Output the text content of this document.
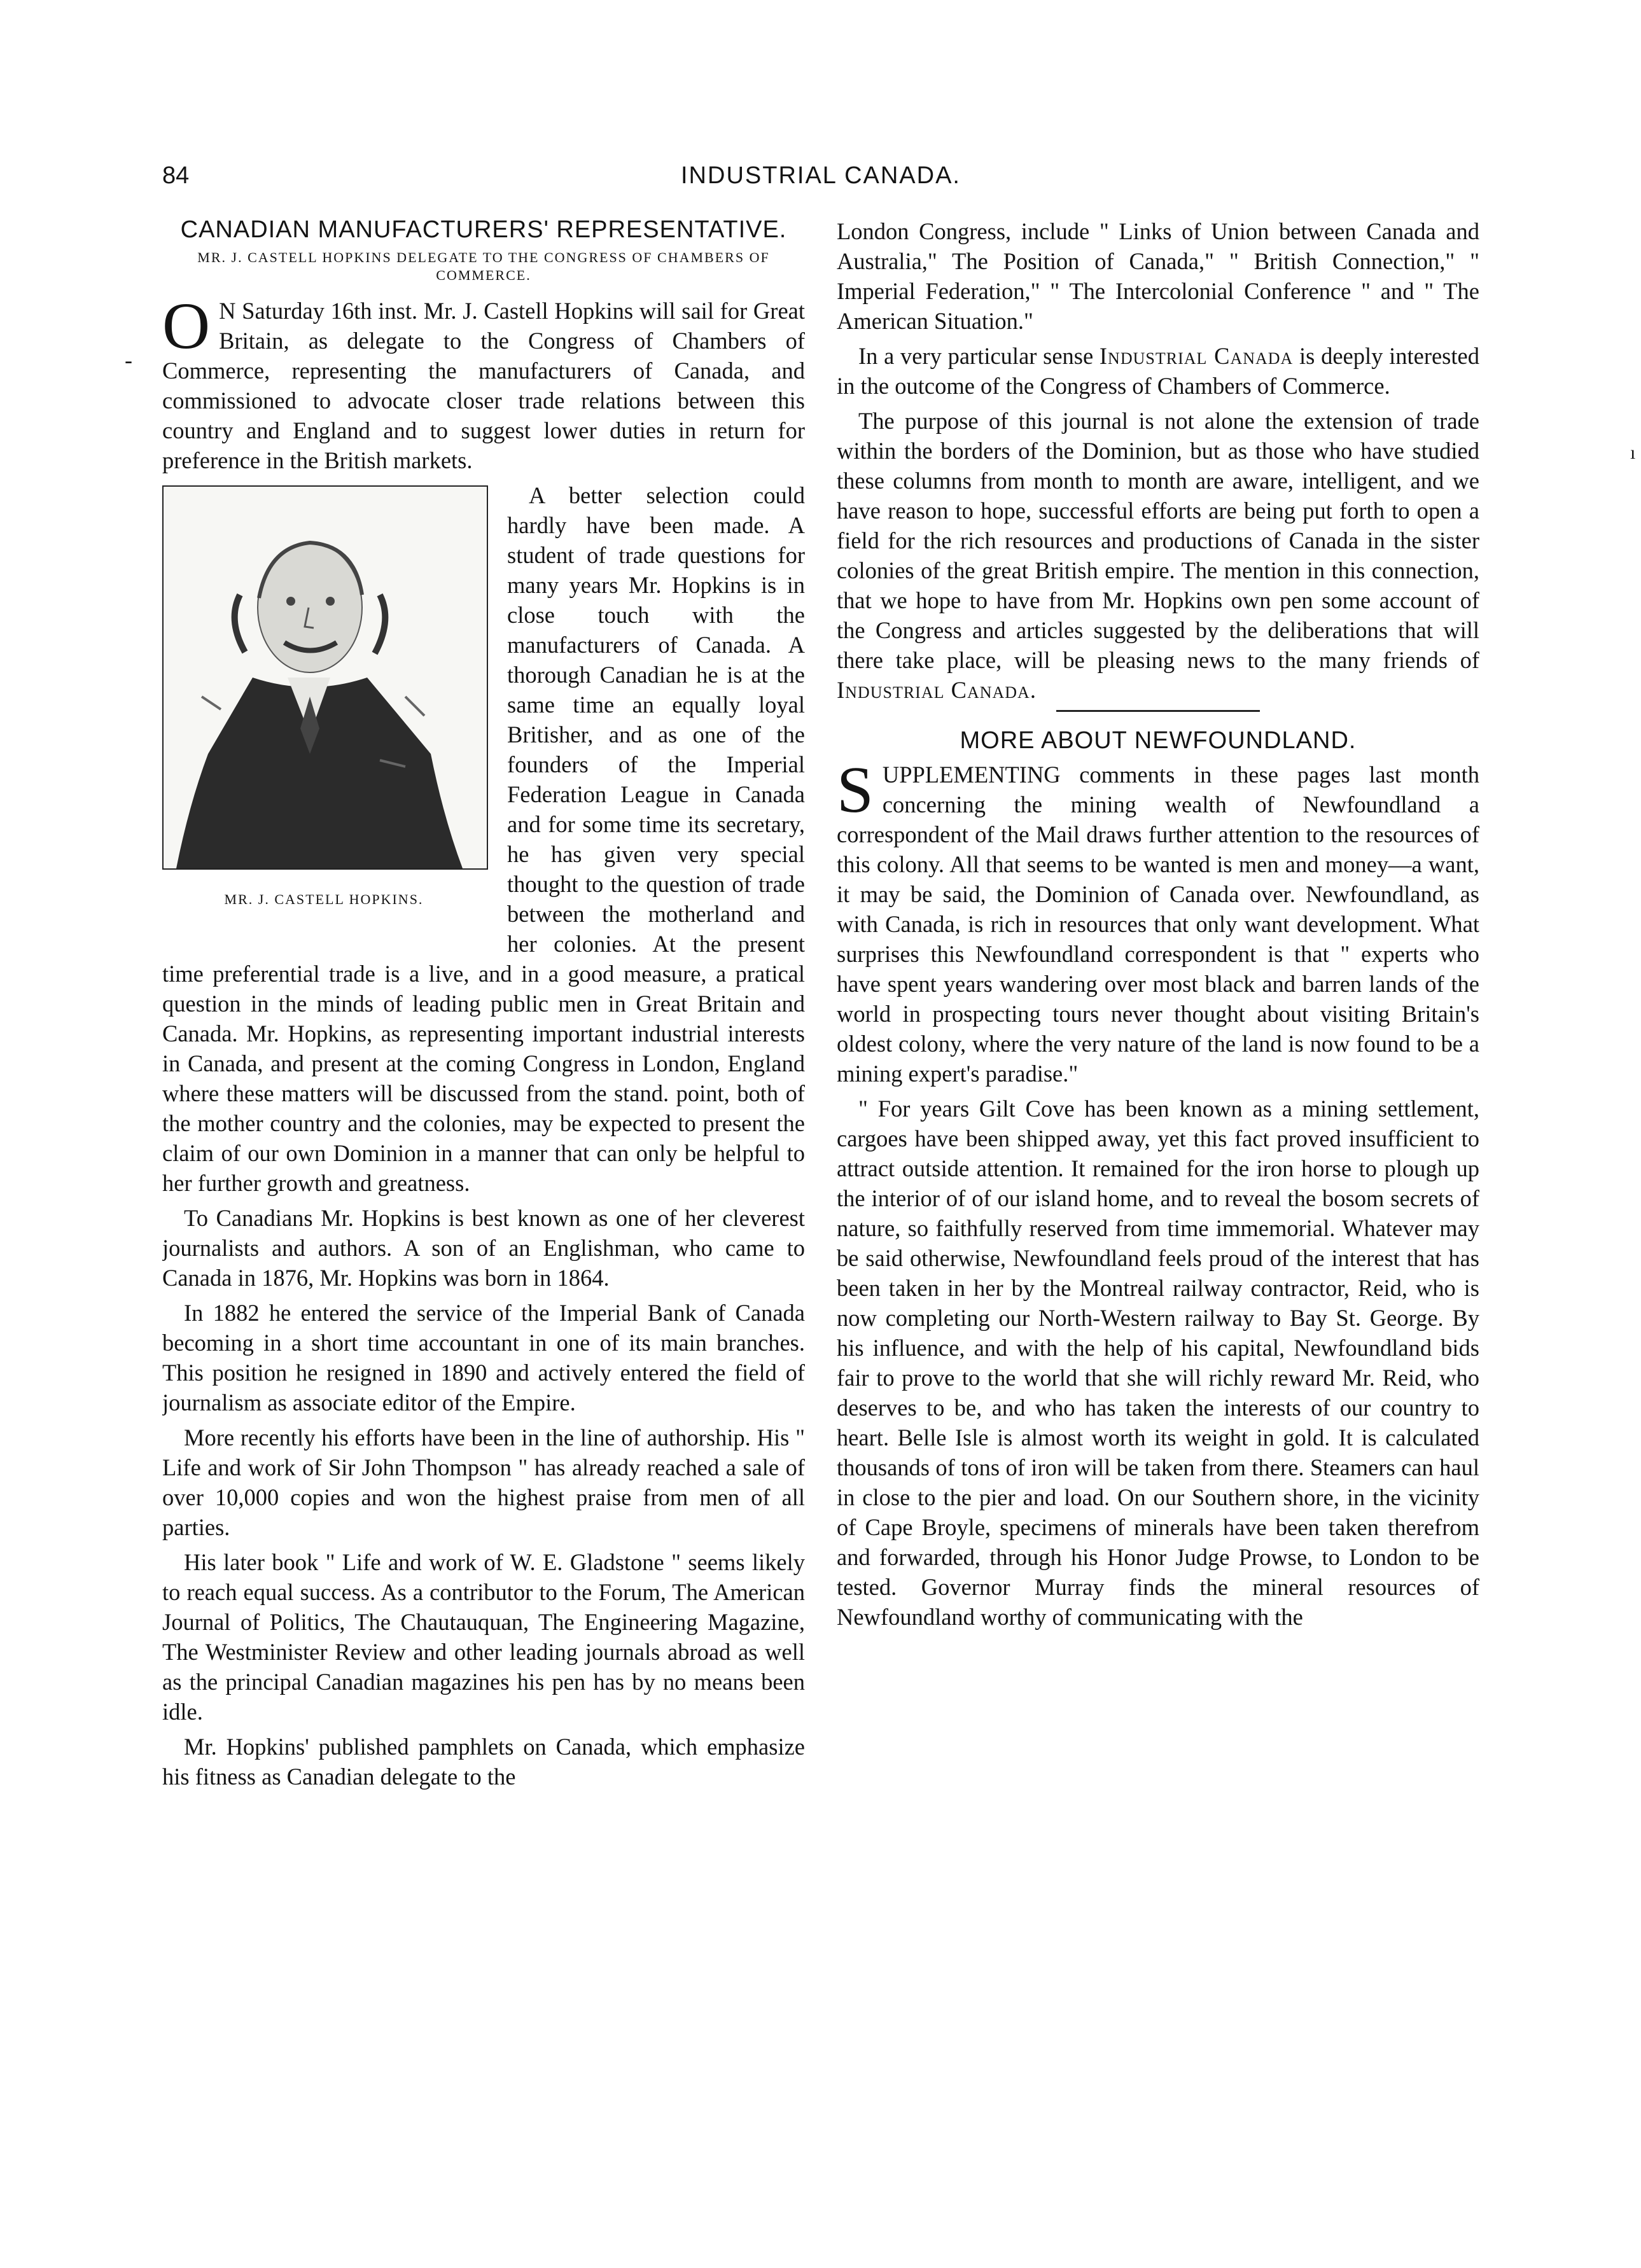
84	INDUSTRIAL CANADA.
CANADIAN MANUFACTURERS' REPRESENTATIVE.
MR. J. CASTELL HOPKINS DELEGATE TO THE CONGRESS OF CHAMBERS OF COMMERCE.

O N Saturday 16th inst. Mr. J. Castell Hopkins will sail for Great Britain, as delegate to the Congress of Chambers of Commerce, representing the manufacturers of Canada, and commissioned to advocate closer trade relations between this country and England and to suggest lower duties in return for preference in the British markets.

MR. J. CASTELL HOPKINS.

A better selection could hardly have been made. A student of trade questions for many years Mr. Hopkins is in close touch with the manufacturers of Canada. A thorough Canadian he is at the same time an equally loyal Britisher, and as one of the founders of the Imperial Federation League in Canada and for some time its secretary, he has given very special thought to the question of trade between the motherland and her colonies. At the present time preferential trade is a live, and in a good measure, a pratical question in the minds of leading public men in Great Britain and Canada. Mr. Hopkins, as representing important industrial interests in Canada, and present at the coming Congress in London, England where these matters will be discussed from the stand. point, both of the mother country and the colonies, may be expected to present the claim of our own Dominion in a manner that can only be helpful to her further growth and greatness.

To Canadians Mr. Hopkins is best known as one of her cleverest journalists and authors. A son of an Englishman, who came to Canada in 1876, Mr. Hopkins was born in 1864.

In 1882 he entered the service of the Imperial Bank of Canada becoming in a short time accountant in one of its main branches. This position he resigned in 1890 and actively entered the field of journalism as associate editor of the Empire.

More recently his efforts have been in the line of authorship. His " Life and work of Sir John Thompson " has already reached a sale of over 10,000 copies and won the highest praise from men of all parties.

His later book " Life and work of W. E. Gladstone " seems likely to reach equal success. As a contributor to the Forum, The American Journal of Politics, The Chautauquan, The Engineering Magazine, The Westminister Review and other leading journals abroad as well as the principal Canadian magazines his pen has by no means been idle.

Mr. Hopkins' published pamphlets on Canada, which emphasize his fitness as Canadian delegate to the

London Congress, include " Links of Union between Canada and Australia," The Position of Canada," " British Connection," " Imperial Federation," " The Intercolonial Conference " and " The American Situation."

In a very particular sense Industrial Canada is deeply interested in the outcome of the Congress of Chambers of Commerce.

The purpose of this journal is not alone the extension of trade within the borders of the Dominion, but as those who have studied these columns from month to month are aware, intelligent, and we have reason to hope, successful efforts are being put forth to open a field for the rich resources and productions of Canada in the sister colonies of the great British empire. The mention in this connection, that we hope to have from Mr. Hopkins own pen some account of the Congress and articles suggested by the deliberations that will there take place, will be pleasing news to the many friends of Industrial Canada.

MORE ABOUT NEWFOUNDLAND.

SUPPLEMENTING comments in these pages last month concerning the mining wealth of Newfoundland a correspondent of the Mail draws further attention to the resources of this colony. All that seems to be wanted is men and money—a want, it may be said, the Dominion of Canada over. Newfoundland, as with Canada, is rich in resources that only want development. What surprises this Newfoundland correspondent is that " experts who have spent years wandering over most black and barren lands of the world in prospecting tours never thought about visiting Britain's oldest colony, where the very nature of the land is now found to be a mining expert's paradise."

" For years Gilt Cove has been known as a mining settlement, cargoes have been shipped away, yet this fact proved insufficient to attract outside attention. It remained for the iron horse to plough up the interior of of our island home, and to reveal the bosom secrets of nature, so faithfully reserved from time immemorial. Whatever may be said otherwise, Newfoundland feels proud of the interest that has been taken in her by the Montreal railway contractor, Reid, who is now completing our North-Western railway to Bay St. George. By his influence, and with the help of his capital, Newfoundland bids fair to prove to the world that she will richly reward Mr. Reid, who deserves to be, and who has taken the interests of our country to heart. Belle Isle is almost worth its weight in gold. It is calculated thousands of tons of iron will be taken from there. Steamers can haul in close to the pier and load. On our Southern shore, in the vicinity of Cape Broyle, specimens of minerals have been taken therefrom and forwarded, through his Honor Judge Prowse, to London to be tested. Governor Murray finds the mineral resources of Newfoundland worthy of communicating with the

-
ı
